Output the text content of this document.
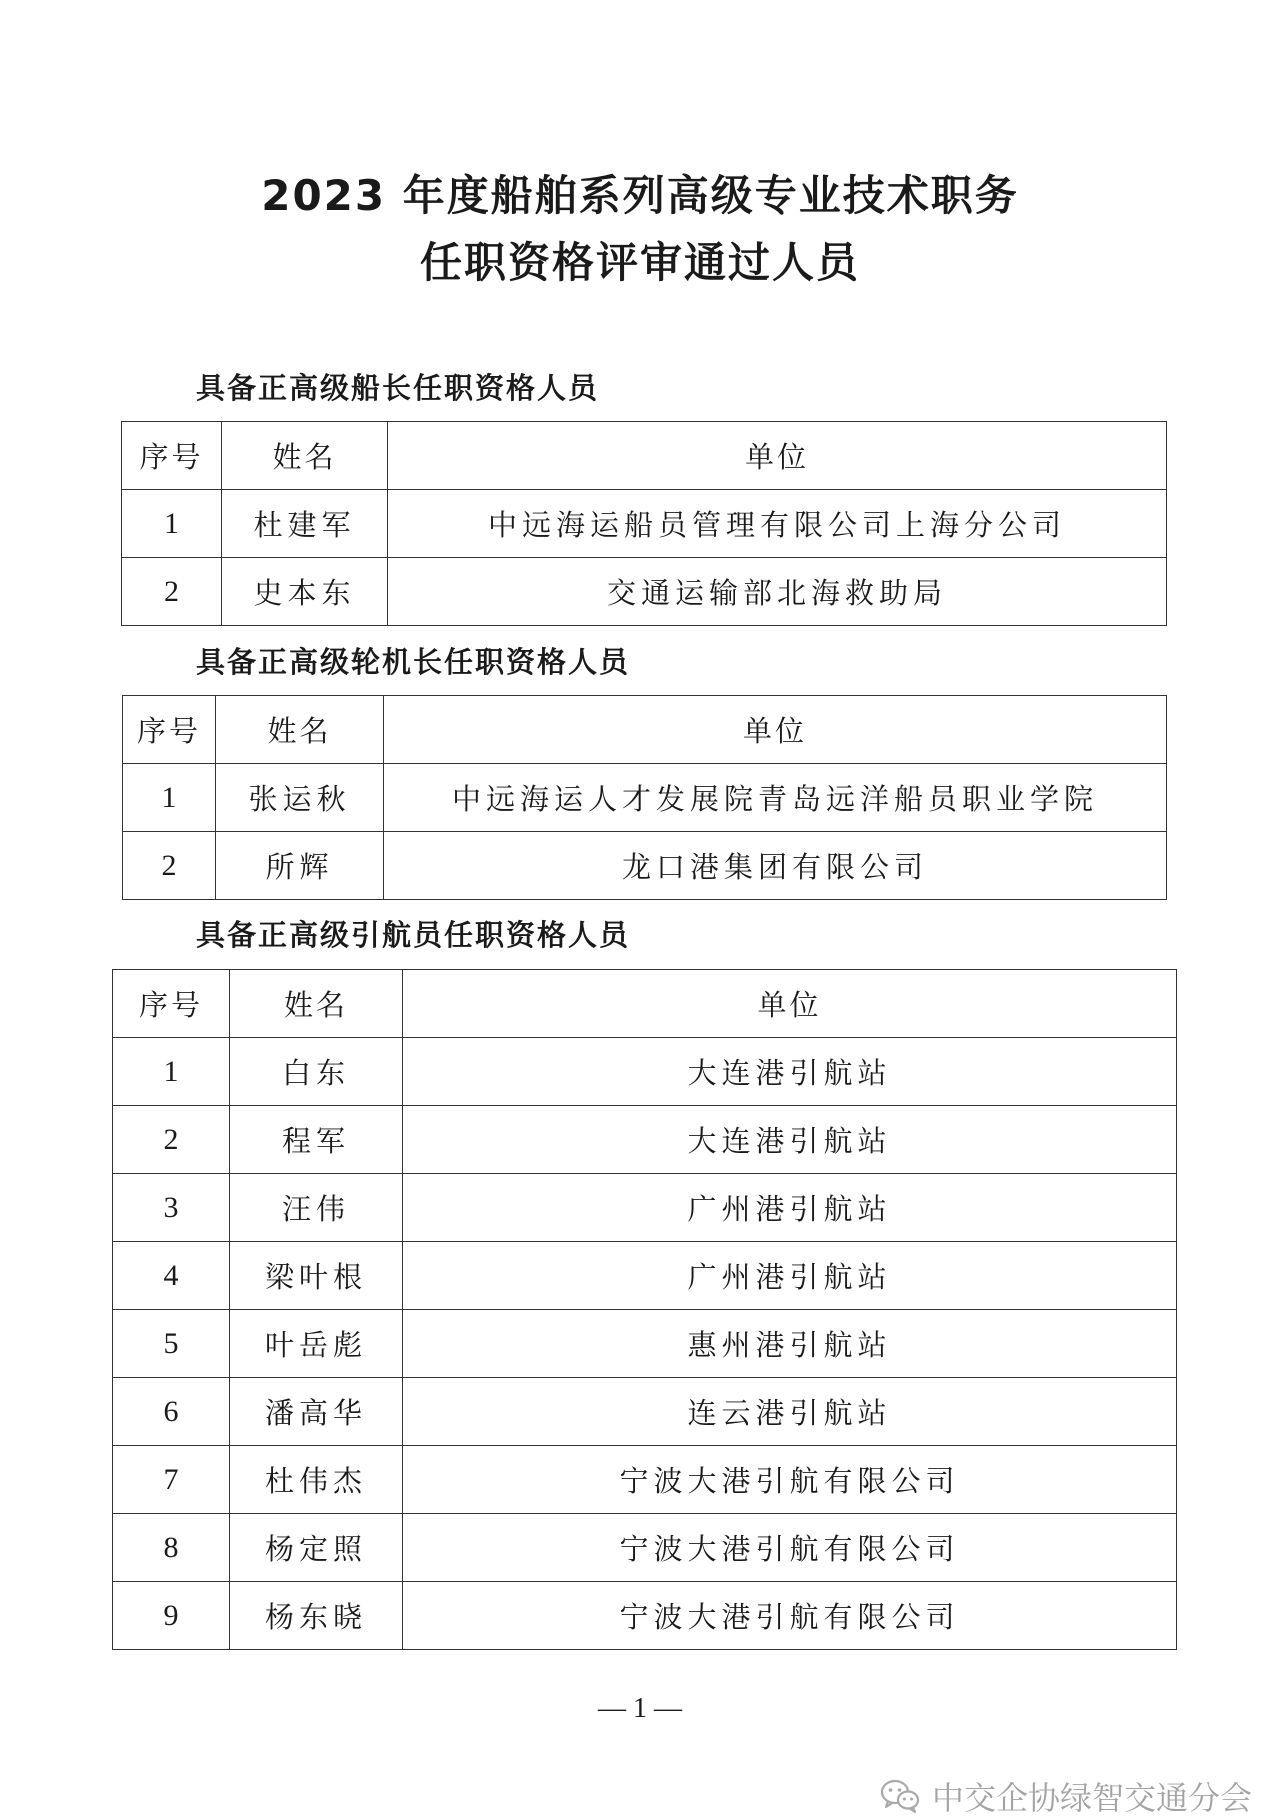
2023 年度船舶系列高级专业技术职务
任职资格评审通过人员
具备正高级船长任职资格人员
序号	姓名	单位
1	杜建军	中远海运船员管理有限公司上海分公司
2	史本东	交通运输部北海救助局
具备正高级轮机长任职资格人员
序号	姓名	单位
1	张运秋	中远海运人才发展院青岛远洋船员职业学院
2	所辉	龙口港集团有限公司
具备正高级引航员任职资格人员
序号	姓名	单位
1	白东	大连港引航站
2	程军	大连港引航站
3	汪伟	广州港引航站
4	梁叶根	广州港引航站
5	叶岳彪	惠州港引航站
6	潘高华	连云港引航站
7	杜伟杰	宁波大港引航有限公司
8	杨定照	宁波大港引航有限公司
9	杨东晓	宁波大港引航有限公司
— 1 —
中交企协绿智交通分会
